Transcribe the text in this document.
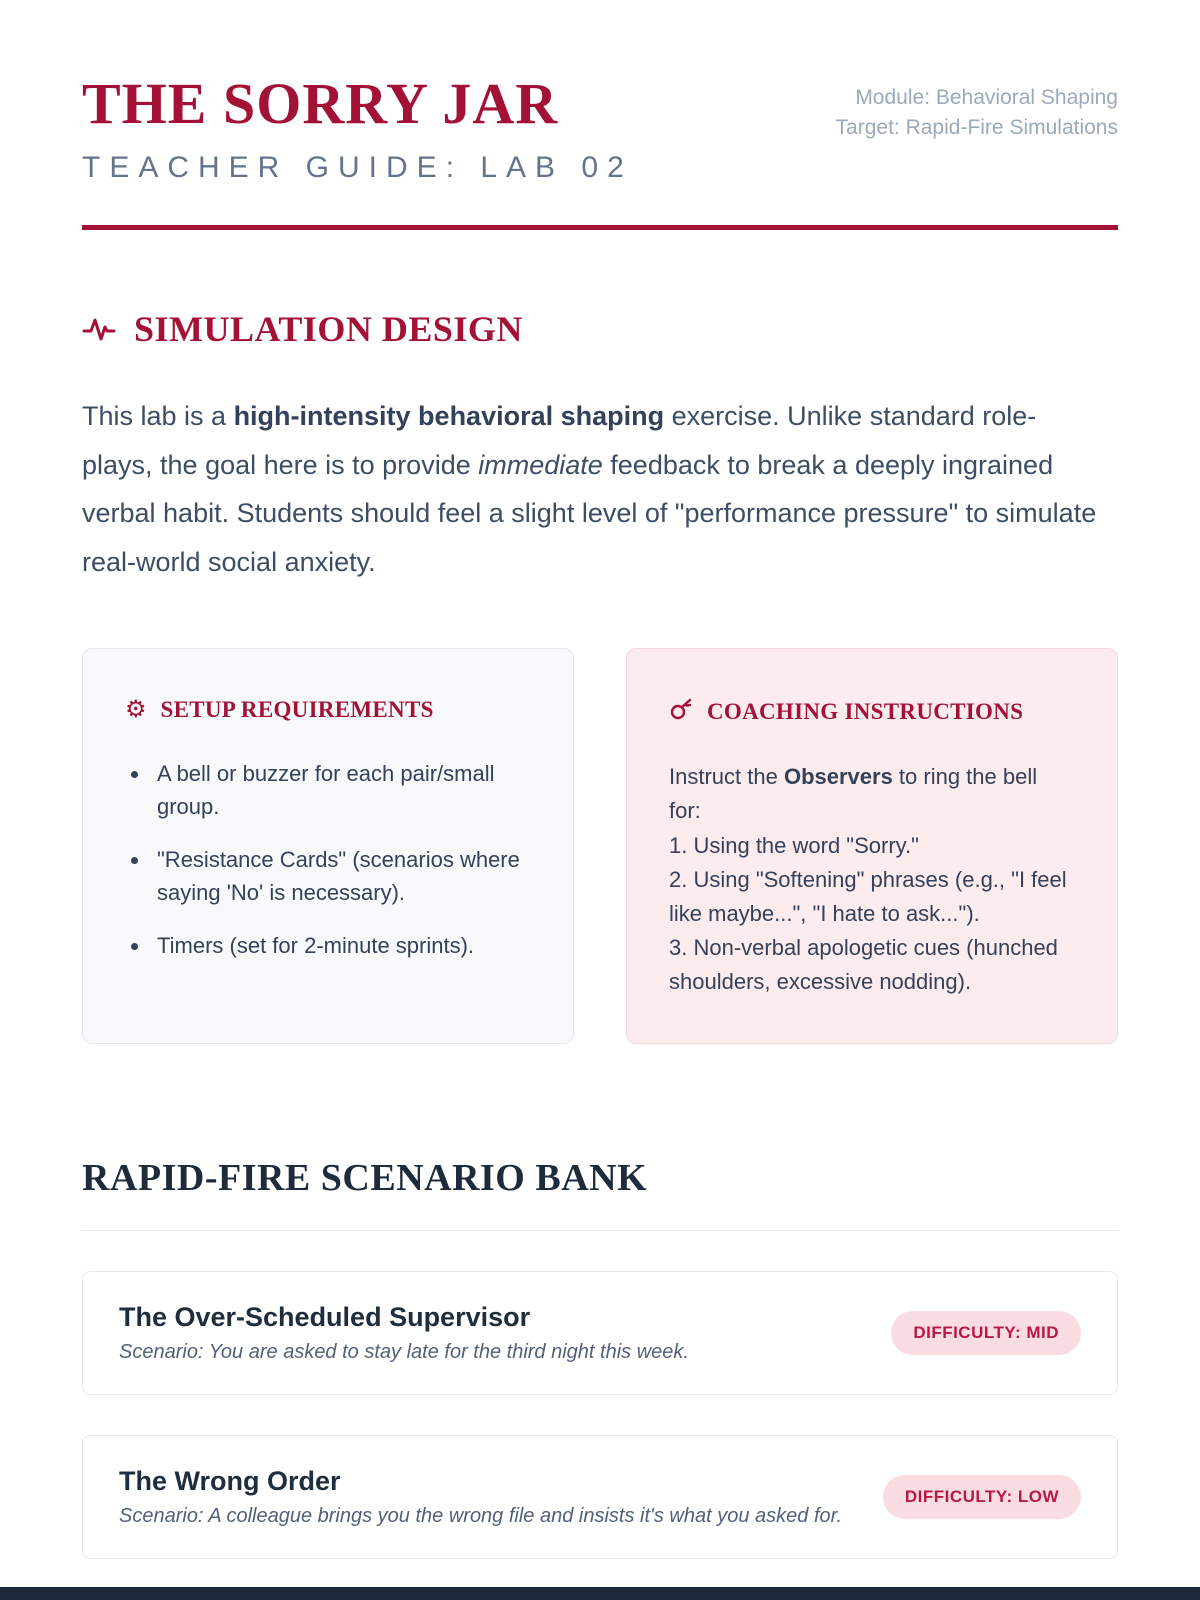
THE SORRY JAR
TEACHER GUIDE: LAB 02
Module: Behavioral Shaping
Target: Rapid-Fire Simulations
SIMULATION DESIGN

This lab is a high-intensity behavioral shaping exercise. Unlike standard role-plays, the goal here is to provide immediate feedback to break a deeply ingrained verbal habit. Students should feel a slight level of "performance pressure" to simulate real-world social anxiety.

⚙ SETUP REQUIREMENTS
• A bell or buzzer for each pair/small group.
• "Resistance Cards" (scenarios where saying 'No' is necessary).
• Timers (set for 2-minute sprints).
COACHING INSTRUCTIONS
Instruct the Observers to ring the bell for:
1. Using the word "Sorry."
2. Using "Softening" phrases (e.g., "I feel like maybe...", "I hate to ask...").
3. Non-verbal apologetic cues (hunched shoulders, excessive nodding).
RAPID-FIRE SCENARIO BANK
The Over-Scheduled Supervisor
Scenario: You are asked to stay late for the third night this week.
DIFFICULTY: MID
The Wrong Order
Scenario: A colleague brings you the wrong file and insists it's what you asked for.
DIFFICULTY: LOW
